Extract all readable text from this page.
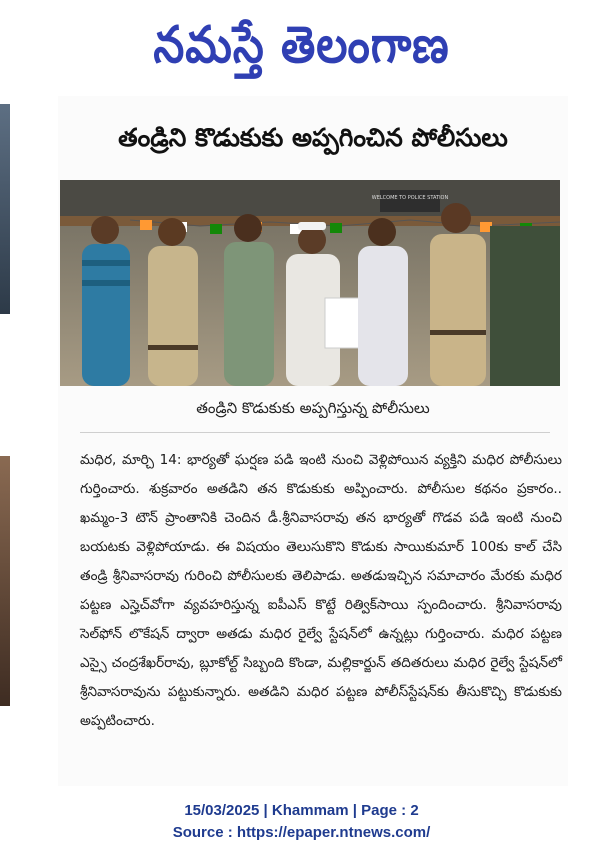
నమస్తే తెలంగాణ
తండ్రిని కొడుకుకు అప్పగించిన పోలీసులు
WELCOME TO POLICE STATION
తండ్రిని కొడుకుకు అప్పగిస్తున్న పోలీసులు
మధిర, మార్చి 14: భార్యతో ఘర్షణ పడి ఇంటి నుంచి వెళ్లిపోయిన వ్యక్తిని మధిర పోలీసులు గుర్తించారు. శుక్రవారం అతడిని తన కొడుకుకు అప్పించారు. పోలీసుల కథనం ప్రకారం.. ఖమ్మం-3 టౌన్ ప్రాంతానికి చెందిన డీ.శ్రీనివాసరావు తన భార్యతో గొడవ పడి ఇంటి నుంచి బయటకు వెళ్లిపోయాడు. ఈ విషయం తెలుసుకొని కొడుకు సాయికుమార్ 100కు కాల్ చేసి తండ్రి శ్రీనివాసరావు గురించి పోలీసులకు తెలిపాడు. అతడుఇచ్చిన సమాచారం మేరకు మధిర పట్టణ ఎస్హెచ్‌వోగా వ్యవహరిస్తున్న ఐపీఎస్ కొట్టే రిత్విక్‌సాయి స్పందించారు. శ్రీనివాసరావు సెల్‌ఫోన్ లొకేషన్ ద్వారా అతడు మధిర రైల్వే స్టేషన్‌లో ఉన్నట్లు గుర్తించారు. మధిర పట్టణ ఎస్సై చంద్రశేఖర్‌రావు, బ్లూకోల్ట్ సిబ్బంది కొండా, మల్లికార్జున్ తదితరులు మధిర రైల్వే స్టేషన్‌లో శ్రీనివాసరావును పట్టుకున్నారు. అతడిని మధిర పట్టణ పోలీస్‌స్టేషన్‌కు తీసుకొచ్చి కొడుకుకు అప్పటించారు.
15/03/2025 | Khammam | Page : 2
Source : https://epaper.ntnews.com/
